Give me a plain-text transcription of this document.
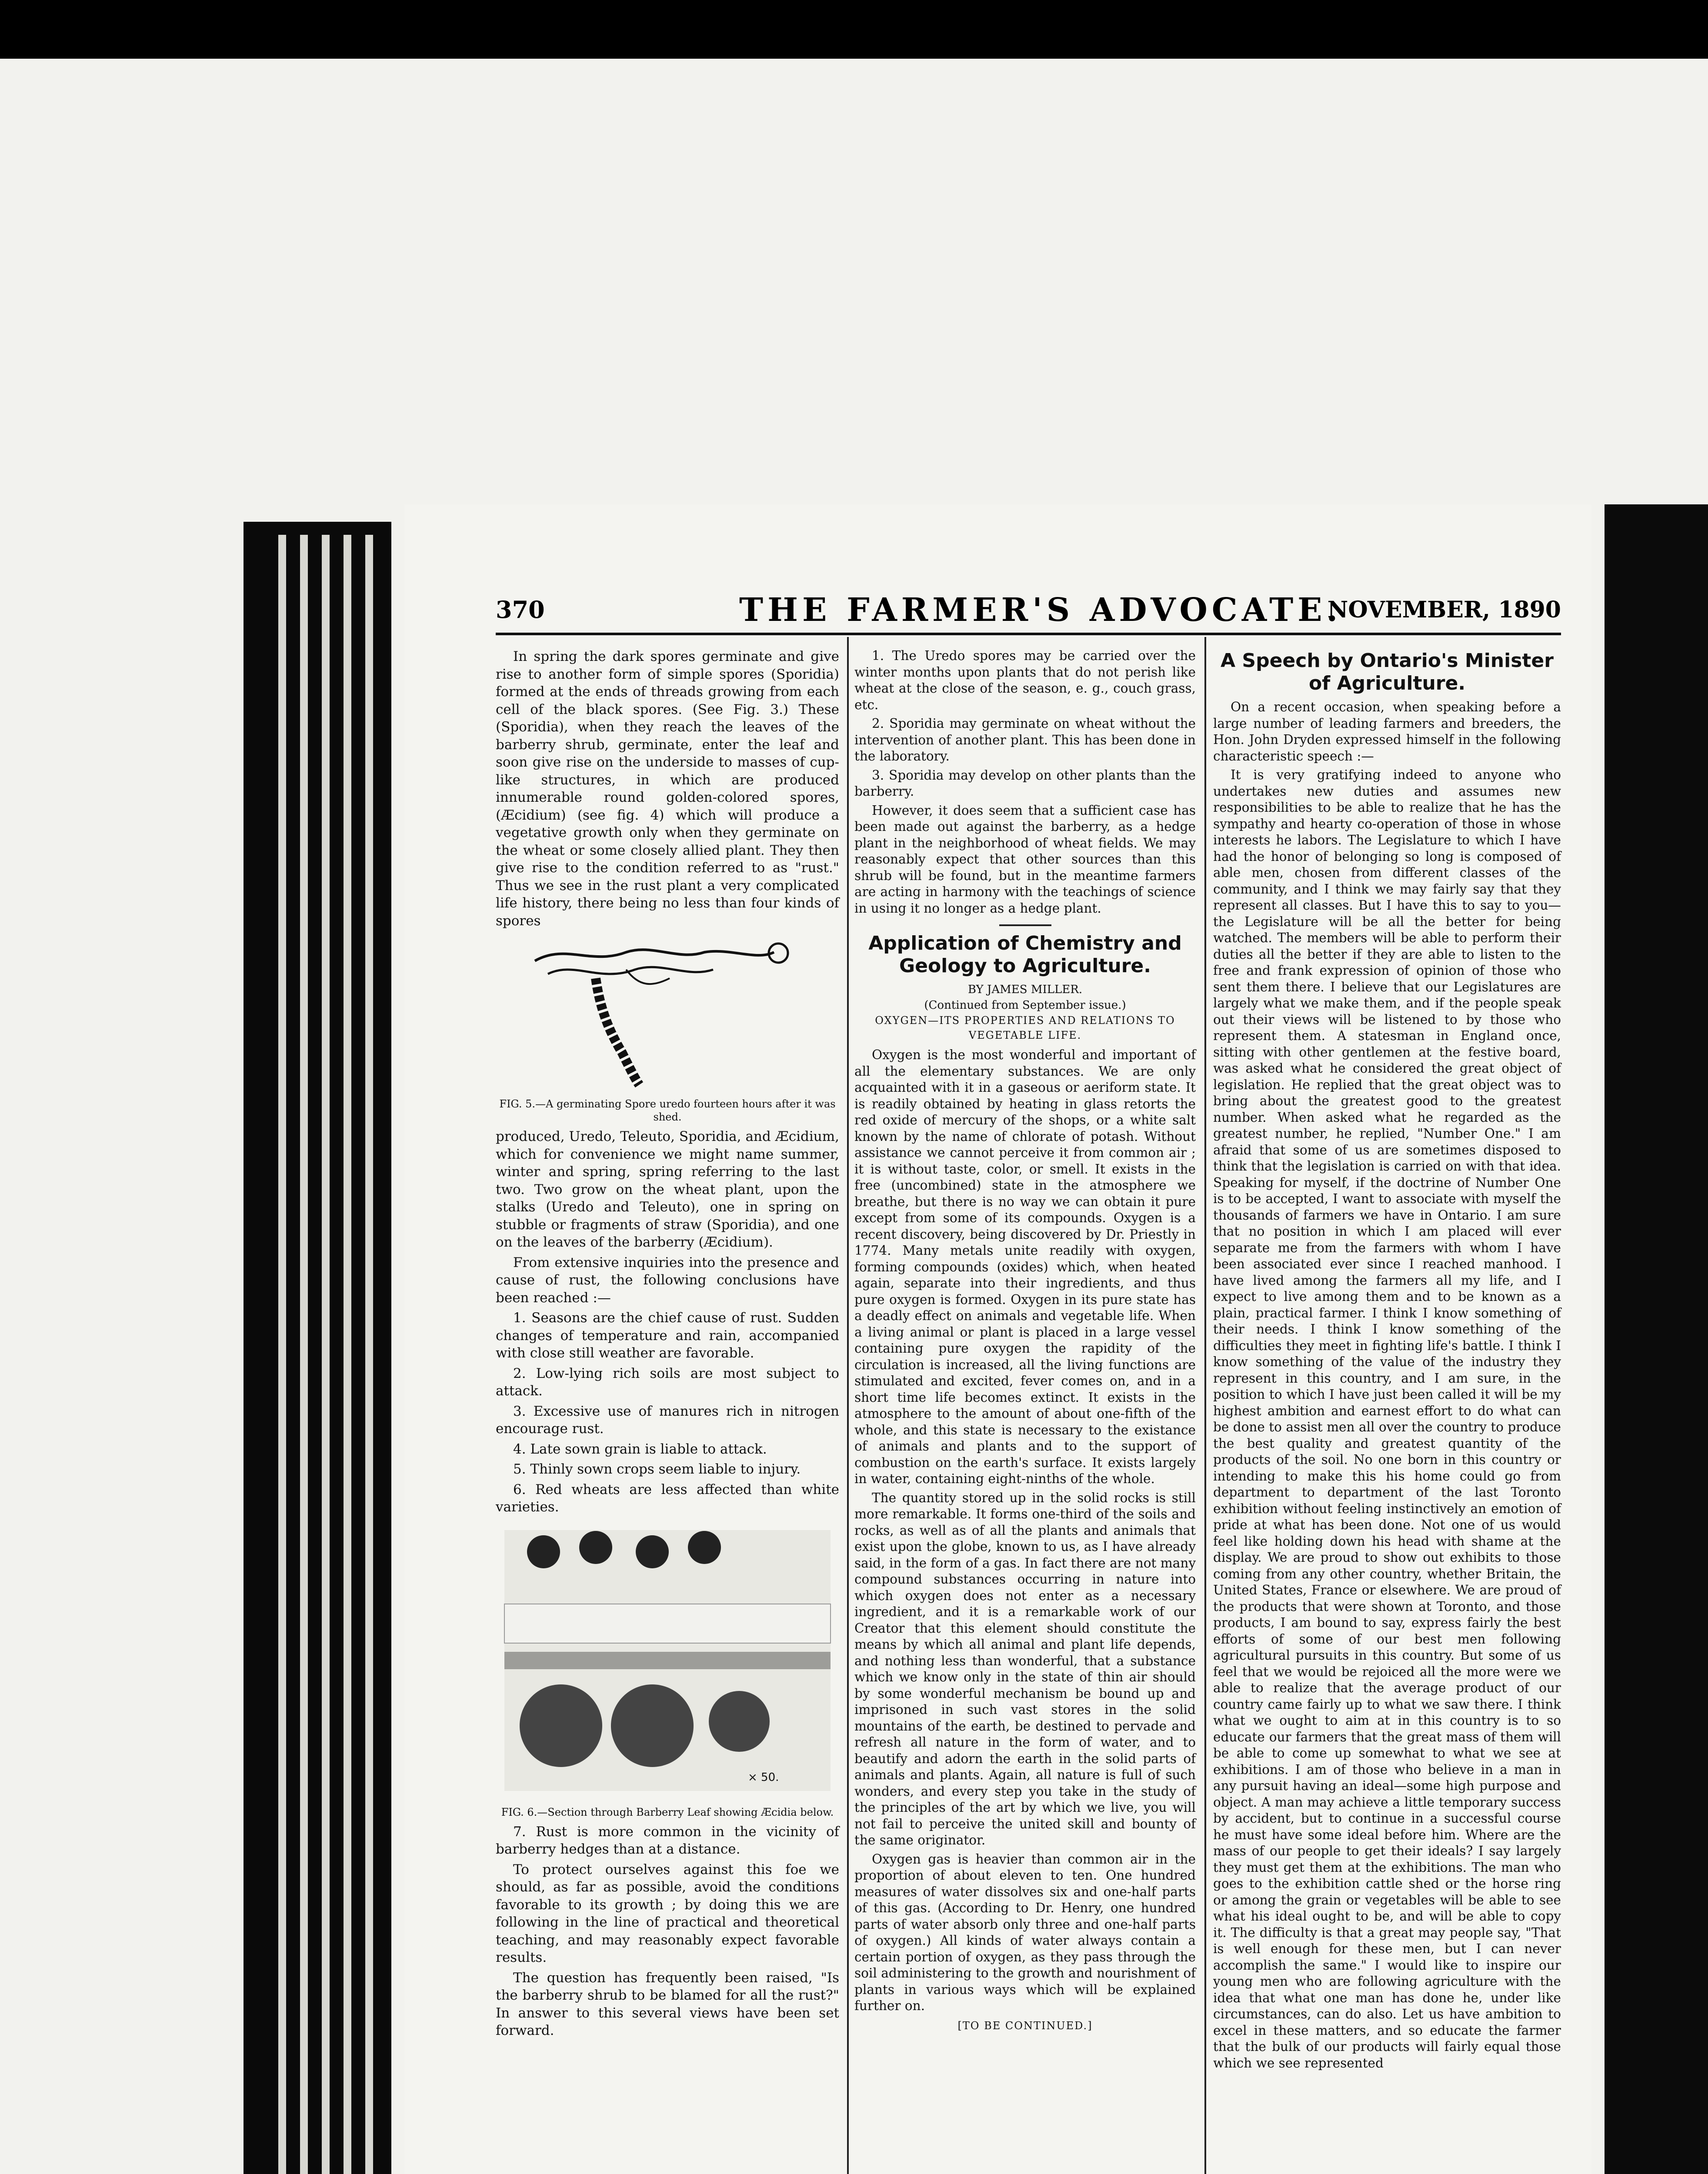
370	THE FARMER'S ADVOCATE.
NOVEMBER, 1890

In spring the dark spores germinate and give rise to another form of simple spores (Sporidia) formed at the ends of threads growing from each cell of the black spores. (See Fig. 3.) These (Sporidia), when they reach the leaves of the barberry shrub, germinate, enter the leaf and soon give rise on the underside to masses of cup-like structures, in which are produced innumerable round golden-colored spores, (Æcidium) (see fig. 4) which will produce a vegetative growth only when they germinate on the wheat or some closely allied plant. They then give rise to the condition referred to as "rust." Thus we see in the rust plant a very complicated life history, there being no less than four kinds of spores

FIG. 5.—A germinating Spore uredo fourteen hours after it was shed.

produced, Uredo, Teleuto, Sporidia, and Æcidium, which for convenience we might name summer, winter and spring, spring referring to the last two. Two grow on the wheat plant, upon the stalks (Uredo and Teleuto), one in spring on stubble or fragments of straw (Sporidia), and one on the leaves of the barberry (Æcidium).

From extensive inquiries into the presence and cause of rust, the following conclusions have been reached :—

1. Seasons are the chief cause of rust. Sudden changes of temperature and rain, accompanied with close still weather are favorable.

2. Low-lying rich soils are most subject to attack.

3. Excessive use of manures rich in nitrogen encourage rust.

4. Late sown grain is liable to attack.

5. Thinly sown crops seem liable to injury.

6. Red wheats are less affected than white varieties.

× 50.
FIG. 6.—Section through Barberry Leaf showing Æcidia below.

7. Rust is more common in the vicinity of barberry hedges than at a distance.

To protect ourselves against this foe we should, as far as possible, avoid the conditions favorable to its growth ; by doing this we are following in the line of practical and theoretical teaching, and may reasonably expect favorable results.

The question has frequently been raised, "Is the barberry shrub to be blamed for all the rust?" In answer to this several views have been set forward.

1. The Uredo spores may be carried over the winter months upon plants that do not perish like wheat at the close of the season, e. g., couch grass, etc.

2. Sporidia may germinate on wheat without the intervention of another plant. This has been done in the laboratory.

3. Sporidia may develop on other plants than the barberry.

However, it does seem that a sufficient case has been made out against the barberry, as a hedge plant in the neighborhood of wheat fields. We may reasonably expect that other sources than this shrub will be found, but in the meantime farmers are acting in harmony with the teachings of science in using it no longer as a hedge plant.

Application of Chemistry and Geology to Agriculture.
BY JAMES MILLER.
(Continued from September issue.)
OXYGEN—ITS PROPERTIES AND RELATIONS TO VEGETABLE LIFE.

Oxygen is the most wonderful and important of all the elementary substances. We are only acquainted with it in a gaseous or aeriform state. It is readily obtained by heating in glass retorts the red oxide of mercury of the shops, or a white salt known by the name of chlorate of potash. Without assistance we cannot perceive it from common air ; it is without taste, color, or smell. It exists in the free (uncombined) state in the atmosphere we breathe, but there is no way we can obtain it pure except from some of its compounds. Oxygen is a recent discovery, being discovered by Dr. Priestly in 1774. Many metals unite readily with oxygen, forming compounds (oxides) which, when heated again, separate into their ingredients, and thus pure oxygen is formed. Oxygen in its pure state has a deadly effect on animals and vegetable life. When a living animal or plant is placed in a large vessel containing pure oxygen the rapidity of the circulation is increased, all the living functions are stimulated and excited, fever comes on, and in a short time life becomes extinct. It exists in the atmosphere to the amount of about one-fifth of the whole, and this state is necessary to the existance of animals and plants and to the support of combustion on the earth's surface. It exists largely in water, containing eight-ninths of the whole.

The quantity stored up in the solid rocks is still more remarkable. It forms one-third of the soils and rocks, as well as of all the plants and animals that exist upon the globe, known to us, as I have already said, in the form of a gas. In fact there are not many compound substances occurring in nature into which oxygen does not enter as a necessary ingredient, and it is a remarkable work of our Creator that this element should constitute the means by which all animal and plant life depends, and nothing less than wonderful, that a substance which we know only in the state of thin air should by some wonderful mechanism be bound up and imprisoned in such vast stores in the solid mountains of the earth, be destined to pervade and refresh all nature in the form of water, and to beautify and adorn the earth in the solid parts of animals and plants. Again, all nature is full of such wonders, and every step you take in the study of the principles of the art by which we live, you will not fail to perceive the united skill and bounty of the same originator.

Oxygen gas is heavier than common air in the proportion of about eleven to ten. One hundred measures of water dissolves six and one-half parts of this gas. (According to Dr. Henry, one hundred parts of water absorb only three and one-half parts of oxygen.) All kinds of water always contain a certain portion of oxygen, as they pass through the soil administering to the growth and nourishment of plants in various ways which will be explained further on.

[TO BE CONTINUED.]
A Speech by Ontario's Minister of Agriculture.

On a recent occasion, when speaking before a large number of leading farmers and breeders, the Hon. John Dryden expressed himself in the following characteristic speech :—

It is very gratifying indeed to anyone who undertakes new duties and assumes new responsibilities to be able to realize that he has the sympathy and hearty co-operation of those in whose interests he labors. The Legislature to which I have had the honor of belonging so long is composed of able men, chosen from different classes of the community, and I think we may fairly say that they represent all classes. But I have this to say to you—the Legislature will be all the better for being watched. The members will be able to perform their duties all the better if they are able to listen to the free and frank expression of opinion of those who sent them there. I believe that our Legislatures are largely what we make them, and if the people speak out their views will be listened to by those who represent them. A statesman in England once, sitting with other gentlemen at the festive board, was asked what he considered the great object of legislation. He replied that the great object was to bring about the greatest good to the greatest number. When asked what he regarded as the greatest number, he replied, "Number One." I am afraid that some of us are sometimes disposed to think that the legislation is carried on with that idea. Speaking for myself, if the doctrine of Number One is to be accepted, I want to associate with myself the thousands of farmers we have in Ontario. I am sure that no position in which I am placed will ever separate me from the farmers with whom I have been associated ever since I reached manhood. I have lived among the farmers all my life, and I expect to live among them and to be known as a plain, practical farmer. I think I know something of their needs. I think I know something of the difficulties they meet in fighting life's battle. I think I know something of the value of the industry they represent in this country, and I am sure, in the position to which I have just been called it will be my highest ambition and earnest effort to do what can be done to assist men all over the country to produce the best quality and greatest quantity of the products of the soil. No one born in this country or intending to make this his home could go from department to department of the last Toronto exhibition without feeling instinctively an emotion of pride at what has been done. Not one of us would feel like holding down his head with shame at the display. We are proud to show out exhibits to those coming from any other country, whether Britain, the United States, France or elsewhere. We are proud of the products that were shown at Toronto, and those products, I am bound to say, express fairly the best efforts of some of our best men following agricultural pursuits in this country. But some of us feel that we would be rejoiced all the more were we able to realize that the average product of our country came fairly up to what we saw there. I think what we ought to aim at in this country is to so educate our farmers that the great mass of them will be able to come up somewhat to what we see at exhibitions. I am of those who believe in a man in any pursuit having an ideal—some high purpose and object. A man may achieve a little temporary success by accident, but to continue in a successful course he must have some ideal before him. Where are the mass of our people to get their ideals? I say largely they must get them at the exhibitions. The man who goes to the exhibition cattle shed or the horse ring or among the grain or vegetables will be able to see what his ideal ought to be, and will be able to copy it. The difficulty is that a great may people say, "That is well enough for these men, but I can never accomplish the same." I would like to inspire our young men who are following agriculture with the idea that what one man has done he, under like circumstances, can do also. Let us have ambition to excel in these matters, and so educate the farmer that the bulk of our products will fairly equal those which we see represented
